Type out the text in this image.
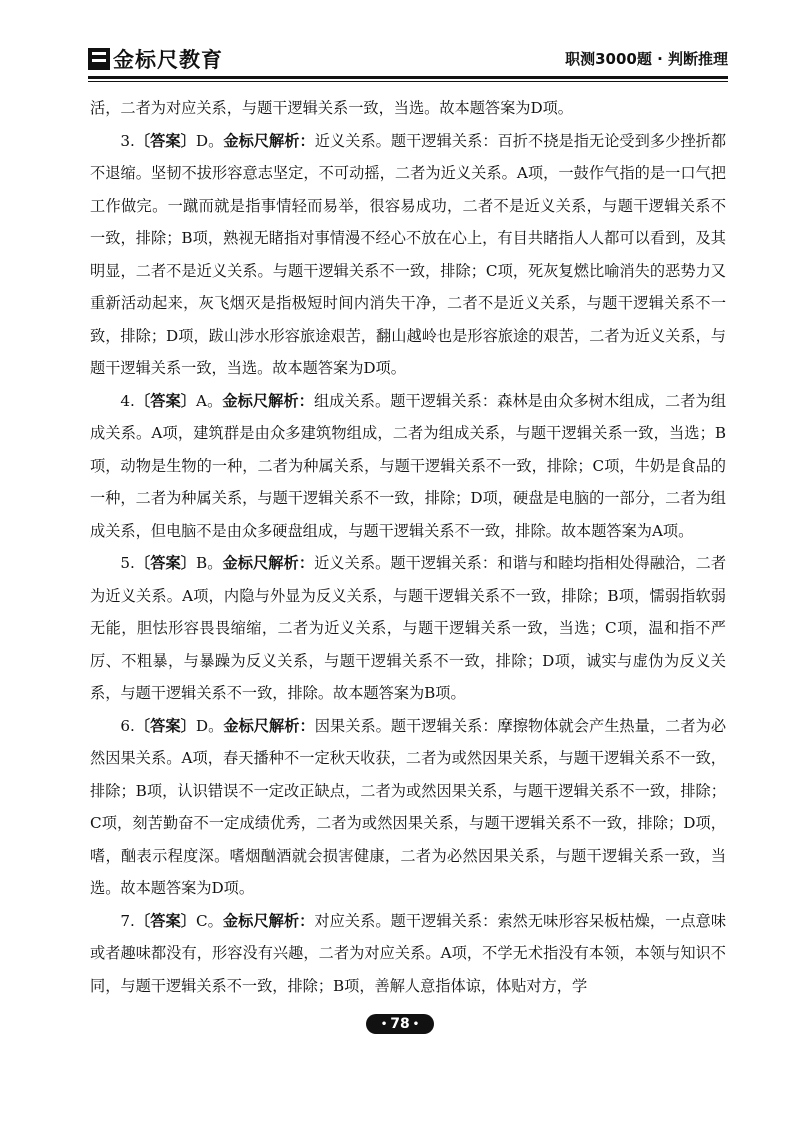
金标尺教育	职测3000题 · 判断推理

活，二者为对应关系，与题干逻辑关系一致，当选。故本题答案为D项。

3.〔答案〕D。金标尺解析：近义关系。题干逻辑关系：百折不挠是指无论受到多少挫折都不退缩。坚韧不拔形容意志坚定，不可动摇，二者为近义关系。A项，一鼓作气指的是一口气把工作做完。一蹴而就是指事情轻而易举，很容易成功，二者不是近义关系，与题干逻辑关系不一致，排除；B项，熟视无睹指对事情漫不经心不放在心上，有目共睹指人人都可以看到，及其明显，二者不是近义关系。与题干逻辑关系不一致，排除；C项，死灰复燃比喻消失的恶势力又重新活动起来，灰飞烟灭是指极短时间内消失干净，二者不是近义关系，与题干逻辑关系不一致，排除；D项，跋山涉水形容旅途艰苦，翻山越岭也是形容旅途的艰苦，二者为近义关系，与题干逻辑关系一致，当选。故本题答案为D项。

4.〔答案〕A。金标尺解析：组成关系。题干逻辑关系：森林是由众多树木组成，二者为组成关系。A项，建筑群是由众多建筑物组成，二者为组成关系，与题干逻辑关系一致，当选；B项，动物是生物的一种，二者为种属关系，与题干逻辑关系不一致，排除；C项，牛奶是食品的一种，二者为种属关系，与题干逻辑关系不一致，排除；D项，硬盘是电脑的一部分，二者为组成关系，但电脑不是由众多硬盘组成，与题干逻辑关系不一致，排除。故本题答案为A项。

5.〔答案〕B。金标尺解析：近义关系。题干逻辑关系：和谐与和睦均指相处得融洽，二者为近义关系。A项，内隐与外显为反义关系，与题干逻辑关系不一致，排除；B项，懦弱指软弱无能，胆怯形容畏畏缩缩，二者为近义关系，与题干逻辑关系一致，当选；C项，温和指不严厉、不粗暴，与暴躁为反义关系，与题干逻辑关系不一致，排除；D项，诚实与虚伪为反义关系，与题干逻辑关系不一致，排除。故本题答案为B项。

6.〔答案〕D。金标尺解析：因果关系。题干逻辑关系：摩擦物体就会产生热量，二者为必然因果关系。A项，春天播种不一定秋天收获，二者为或然因果关系，与题干逻辑关系不一致，排除；B项，认识错误不一定改正缺点，二者为或然因果关系，与题干逻辑关系不一致，排除；C项，刻苦勤奋不一定成绩优秀，二者为或然因果关系，与题干逻辑关系不一致，排除；D项，嗜，酗表示程度深。嗜烟酗酒就会损害健康，二者为必然因果关系，与题干逻辑关系一致，当选。故本题答案为D项。

7.〔答案〕C。金标尺解析：对应关系。题干逻辑关系：索然无味形容呆板枯燥，一点意味或者趣味都没有，形容没有兴趣，二者为对应关系。A项，不学无术指没有本领，本领与知识不同，与题干逻辑关系不一致，排除；B项，善解人意指体谅，体贴对方，学

• 78 •
